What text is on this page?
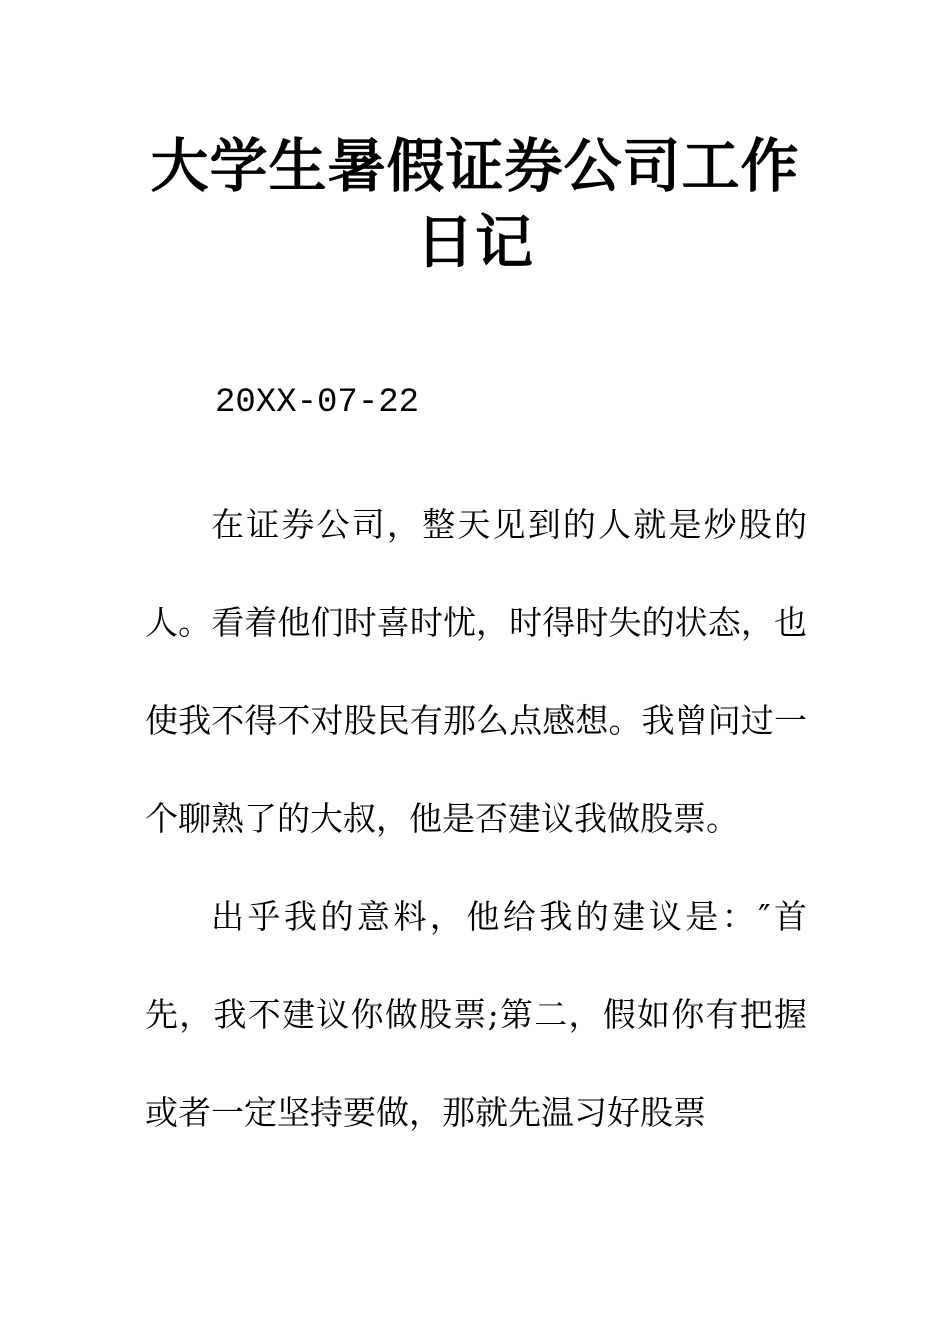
大学生暑假证券公司工作日记
20XX-07-22

在证券公司，整天见到的人就是炒股的人。看着他们时喜时忧，时得时失的状态，也使我不得不对股民有那么点感想。我曾问过一个聊熟了的大叔，他是否建议我做股票。

出乎我的意料，他给我的建议是：″首先，我不建议你做股票;第二，假如你有把握或者一定坚持要做，那就先温习好股票
